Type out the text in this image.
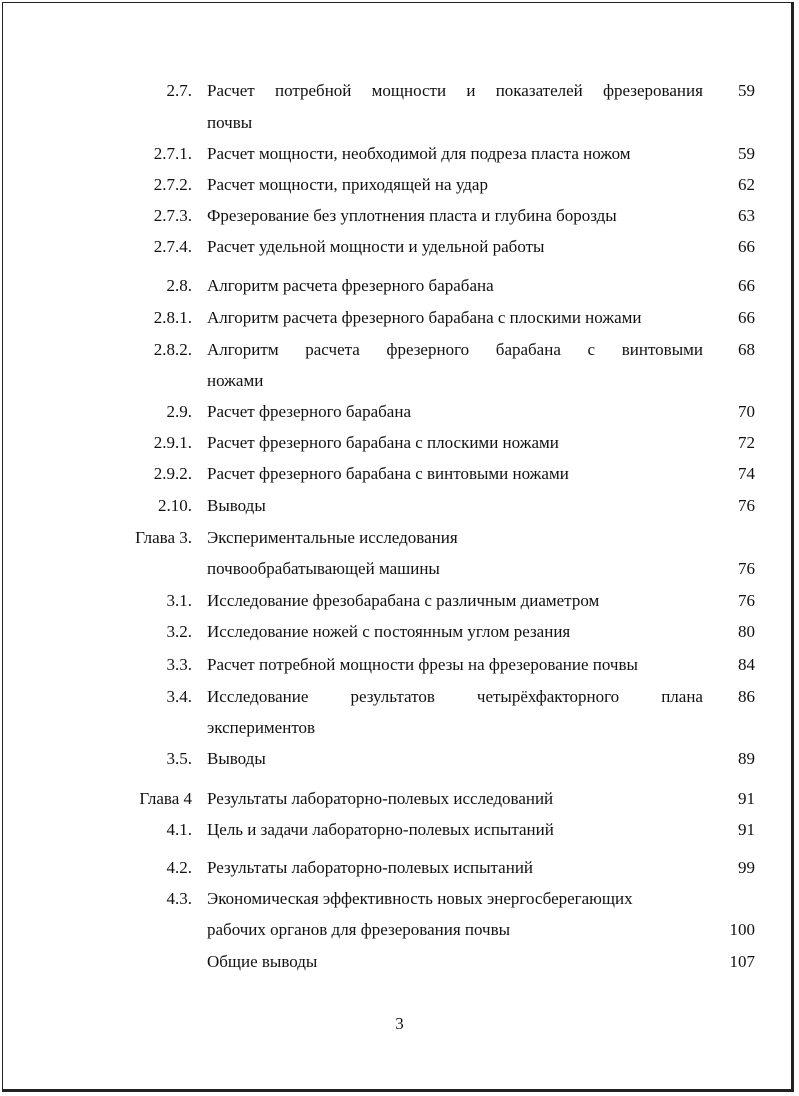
2.7. Расчет потребной мощности и показателей фрезерования 59
почвы
2.7.1. Расчет мощности, необходимой для подреза пласта ножом	59
2.7.2. Расчет мощности, приходящей на удар	62
2.7.3. Фрезерование без уплотнения пласта и глубина борозды	63
2.7.4. Расчет удельной мощности и удельной работы	66
2.8. Алгоритм расчета фрезерного барабана	66
2.8.1. Алгоритм расчета фрезерного барабана с плоскими ножами	66
2.8.2. Алгоритм расчета фрезерного барабана с винтовыми 68
ножами
2.9. Расчет фрезерного барабана	70
2.9.1. Расчет фрезерного барабана с плоскими ножами	72
2.9.2. Расчет фрезерного барабана с винтовыми ножами	74
2.10. Выводы	76
Глава 3. Экспериментальные исследования
почвообрабатывающей машины	76
3.1. Исследование фрезобарабана с различным диаметром	76
3.2. Исследование ножей с постоянным углом резания	80
3.3. Расчет потребной мощности фрезы на фрезерование почвы	84
3.4. Исследование результатов четырёхфакторного плана 86
экспериментов
3.5. Выводы	89
Глава 4 Результаты лабораторно-полевых исследований	91
4.1. Цель и задачи лабораторно-полевых испытаний	91
4.2. Результаты лабораторно-полевых испытаний	99
4.3. Экономическая эффективность новых энергосберегающих
рабочих органов для фрезерования почвы	100
Общие выводы	107
3
